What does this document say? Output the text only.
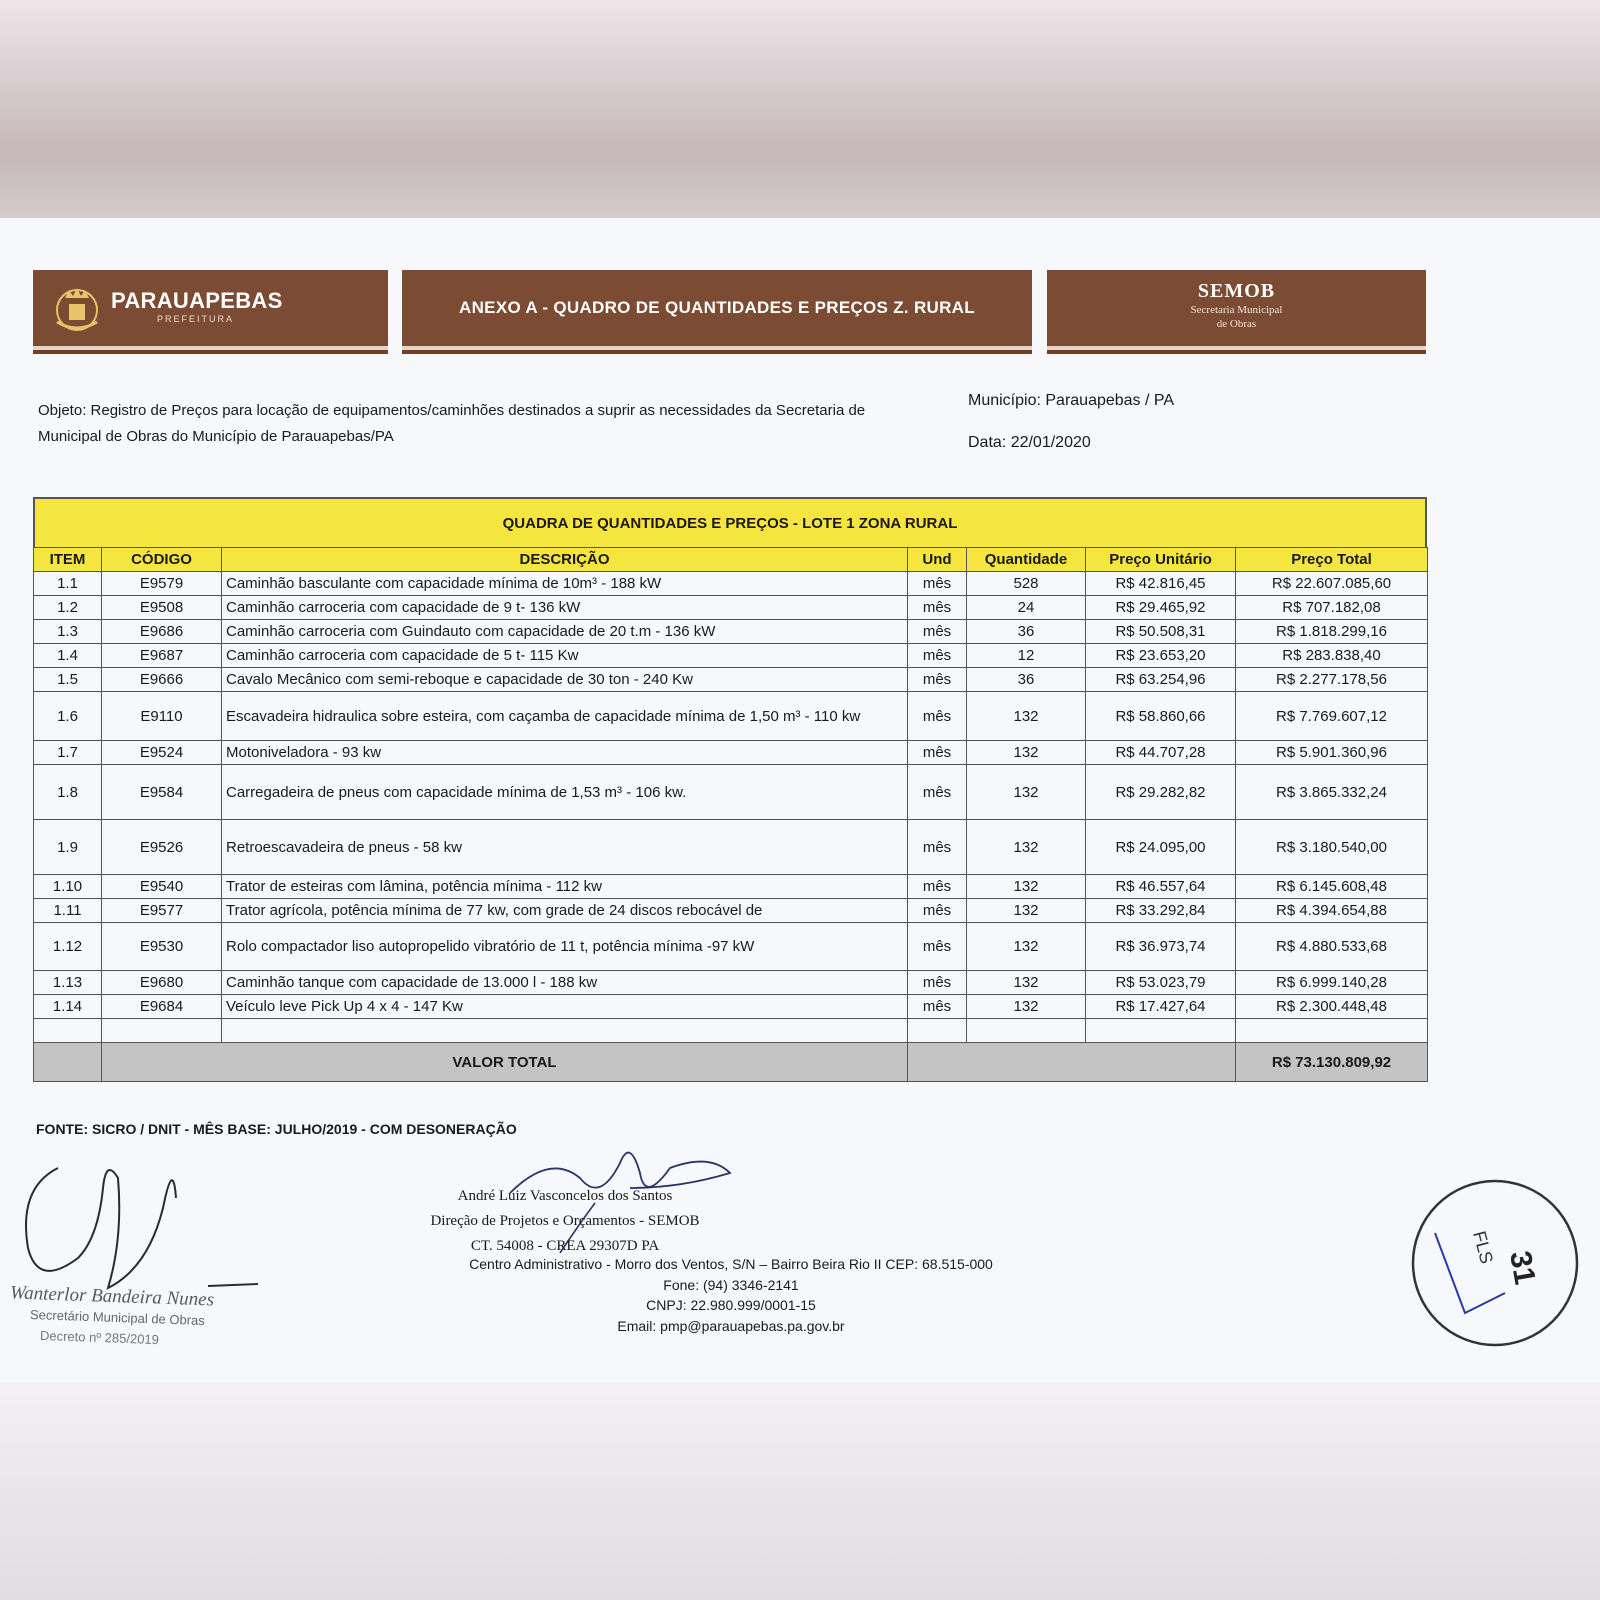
PARAUAPEBAS
PREFEITURA
ANEXO A - QUADRO DE QUANTIDADES E PREÇOS Z. RURAL
SEMOB
Secretaria Municipal
de Obras
Objeto: Registro de Preços para locação de equipamentos/caminhões destinados a suprir as necessidades da Secretaria de Municipal de Obras do Município de Parauapebas/PA
Município: Parauapebas / PA
Data: 22/01/2020
QUADRA DE QUANTIDADES E PREÇOS - LOTE 1 ZONA RURAL
ITEM	CÓDIGO	DESCRIÇÃO	Und	Quantidade	Preço Unitário	Preço Total
1.1	E9579	Caminhão basculante com capacidade mínima de 10m³ - 188 kW	mês	528	R$ 42.816,45	R$ 22.607.085,60
1.2	E9508	Caminhão carroceria com capacidade de 9 t- 136 kW	mês	24	R$ 29.465,92	R$ 707.182,08
1.3	E9686	Caminhão carroceria com Guindauto com capacidade de 20 t.m - 136 kW	mês	36	R$ 50.508,31	R$ 1.818.299,16
1.4	E9687	Caminhão carroceria com capacidade de 5 t- 115 Kw	mês	12	R$ 23.653,20	R$ 283.838,40
1.5	E9666	Cavalo Mecânico com semi-reboque e capacidade de 30 ton - 240 Kw	mês	36	R$ 63.254,96	R$ 2.277.178,56
1.6	E9110	Escavadeira hidraulica sobre esteira, com caçamba de capacidade mínima de 1,50 m³ - 110 kw	mês	132	R$ 58.860,66	R$ 7.769.607,12
1.7	E9524	Motoniveladora - 93 kw	mês	132	R$ 44.707,28	R$ 5.901.360,96
1.8	E9584	Carregadeira de pneus com capacidade mínima de 1,53 m³ - 106 kw.	mês	132	R$ 29.282,82	R$ 3.865.332,24
1.9	E9526	Retroescavadeira de pneus - 58 kw	mês	132	R$ 24.095,00	R$ 3.180.540,00
1.10	E9540	Trator de esteiras com lâmina, potência mínima - 112 kw	mês	132	R$ 46.557,64	R$ 6.145.608,48
1.11	E9577	Trator agrícola, potência mínima de 77 kw, com grade de 24 discos rebocável de	mês	132	R$ 33.292,84	R$ 4.394.654,88
1.12	E9530	Rolo compactador liso autopropelido vibratório de 11 t, potência mínima -97 kW	mês	132	R$ 36.973,74	R$ 4.880.533,68
1.13	E9680	Caminhão tanque com capacidade de 13.000 l - 188 kw	mês	132	R$ 53.023,79	R$ 6.999.140,28
1.14	E9684	Veículo leve Pick Up 4 x 4 - 147 Kw	mês	132	R$ 17.427,64	R$ 2.300.448,48

	VALOR TOTAL					R$ 73.130.809,92
FONTE: SICRO / DNIT - MÊS BASE: JULHO/2019 - COM DESONERAÇÃO
Wanterlor Bandeira Nunes
Secretário Municipal de Obras
Decreto nº 285/2019
André Luiz Vasconcelos dos Santos
Direção de Projetos e Orçamentos - SEMOB
CT. 54008 - CREA 29307D PA
Centro Administrativo - Morro dos Ventos, S/N – Bairro Beira Rio II CEP: 68.515-000
Fone: (94) 3346-2141
CNPJ: 22.980.999/0001-15
Email: pmp@parauapebas.pa.gov.br
FLS
31
